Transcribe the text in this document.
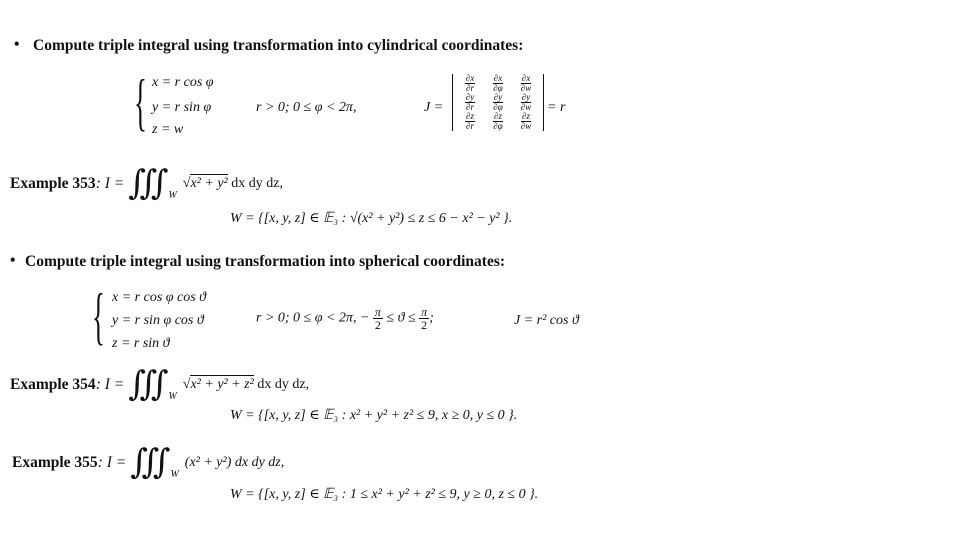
• Compute triple integral using transformation into cylindrical coordinates:
{ x = r cos φ
y = r sin φ
z = w
r > 0; 0 ≤ φ < 2π,	J =
∂x
∂r
∂x
∂φ
∂x
∂w
∂y
∂r
∂y
∂φ
∂y
∂w
∂z
∂r
∂z
∂φ
∂z
∂w
= r
Example 353 : I = ∭ W
√x² + y² dx dy dz,
W = {[x, y, z] ∈ 𝔼₃ : √(x² + y²) ≤ z ≤ 6 − x² − y² }.
• Compute triple integral using transformation into spherical coordinates:
{ x = r cos φ cos ϑ
y = r sin φ cos ϑ
z = r sin ϑ
r > 0; 0 ≤ φ < 2π, − $\frac{\pi}{2} \le ϑ \le \frac{\pi}{2}$ ;	J = r² cos ϑ
Example 354 : I = ∭ W
√x² + y² + z² dx dy dz,
W = {[x, y, z] ∈ 𝔼₃ : x² + y² + z² ≤ 9, x ≥ 0, y ≤ 0 }.
Example 355 : I = ∭ W
(x² + y²) dx dy dz,
W = {[x, y, z] ∈ 𝔼₃ : 1 ≤ x² + y² + z² ≤ 9, y ≥ 0, z ≤ 0 }.
